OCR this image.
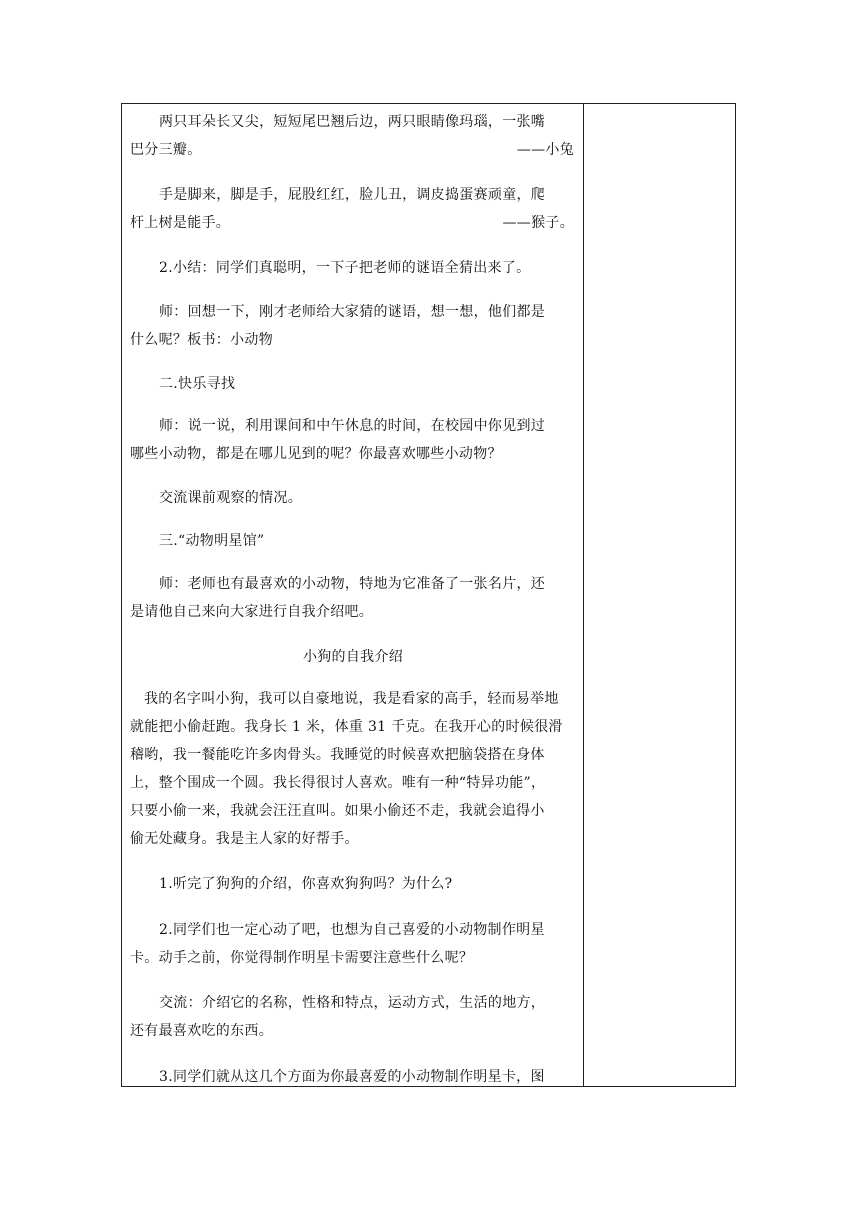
两只耳朵长又尖，短短尾巴翘后边，两只眼睛像玛瑙，一张嘴
巴分三瓣。	——小兔
手是脚来，脚是手，屁股红红，脸儿丑，调皮捣蛋赛顽童，爬
杆上树是能手。	——猴子。
2.小结：同学们真聪明，一下子把老师的谜语全猜出来了。
师：回想一下，刚才老师给大家猜的谜语，想一想，他们都是
什么呢？板书：小动物
二.快乐寻找
师：说一说，利用课间和中午休息的时间，在校园中你见到过
哪些小动物，都是在哪儿见到的呢？你最喜欢哪些小动物？
交流课前观察的情况。
三.“动物明星馆”
师：老师也有最喜欢的小动物，特地为它准备了一张名片，还
是请他自己来向大家进行自我介绍吧。
小狗的自我介绍
我的名字叫小狗，我可以自豪地说，我是看家的高手，轻而易举地
就能把小偷赶跑。我身长 1 米，体重 31 千克。在我开心的时候很滑
稽哟，我一餐能吃许多肉骨头。我睡觉的时候喜欢把脑袋搭在身体
上，整个围成一个圆。我长得很讨人喜欢。唯有一种“特异功能”，
只要小偷一来，我就会汪汪直叫。如果小偷还不走，我就会追得小
偷无处藏身。我是主人家的好帮手。
1.听完了狗狗的介绍，你喜欢狗狗吗？为什么?
2.同学们也一定心动了吧，也想为自己喜爱的小动物制作明星
卡。动手之前，你觉得制作明星卡需要注意些什么呢？
交流：介绍它的名称，性格和特点，运动方式，生活的地方，
还有最喜欢吃的东西。
3.同学们就从这几个方面为你最喜爱的小动物制作明星卡，图
